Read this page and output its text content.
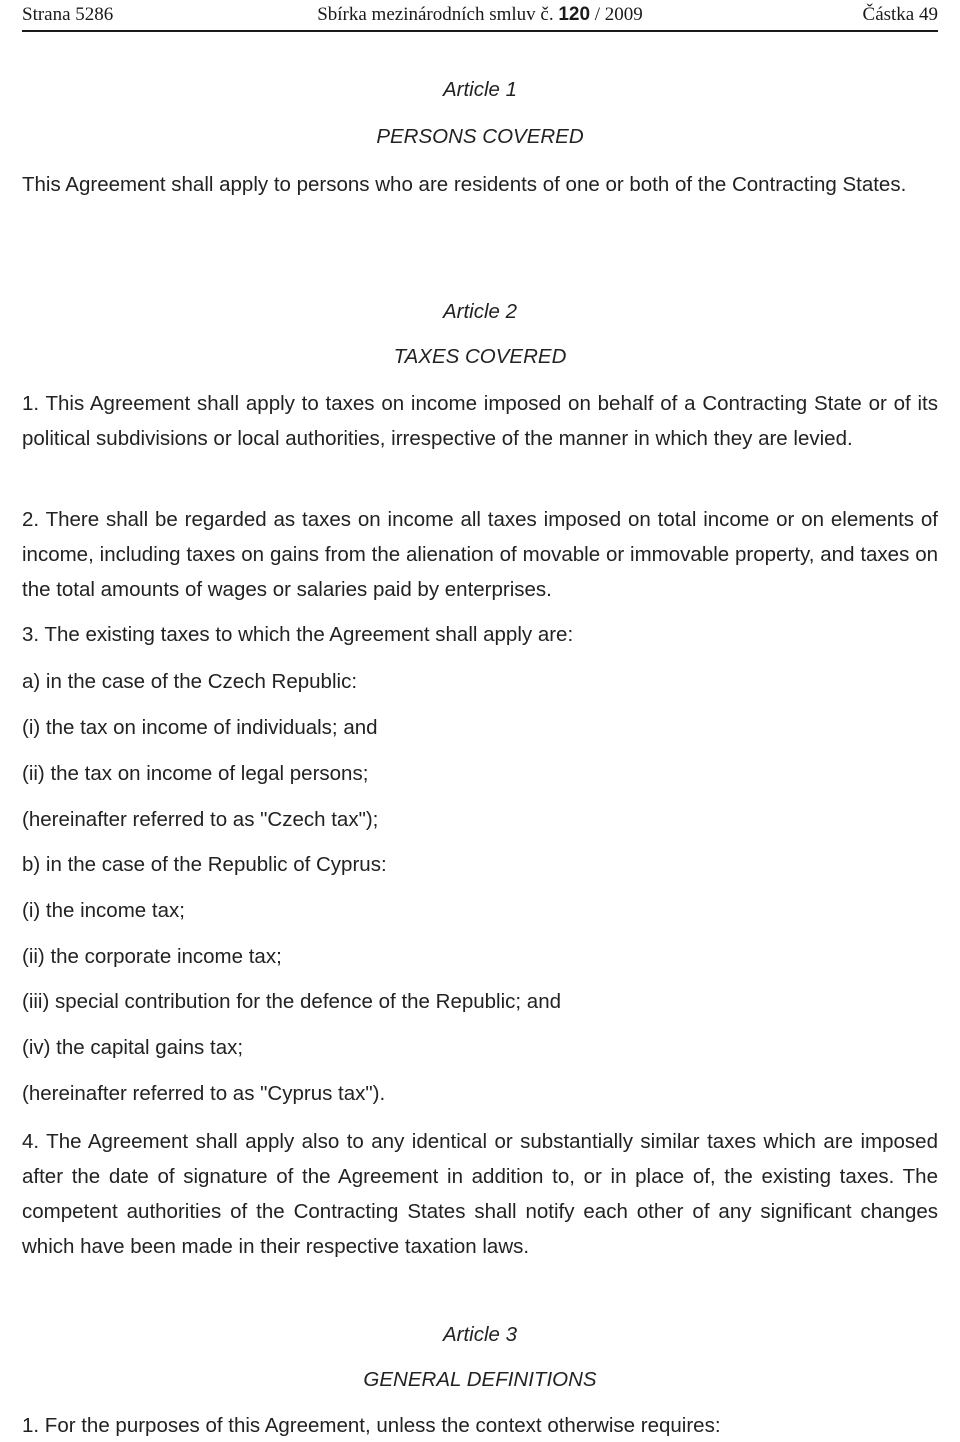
Strana 5286	Sbírka mezinárodních smluv č. 120 / 2009	Částka 49
Article 1
PERSONS COVERED
This Agreement shall apply to persons who are residents of one or both of the Contracting States.
Article 2
TAXES COVERED
1. This Agreement shall apply to taxes on income imposed on behalf of a Contracting State or of its political subdivisions or local authorities, irrespective of the manner in which they are levied.
2. There shall be regarded as taxes on income all taxes imposed on total income or on elements of income, including taxes on gains from the alienation of movable or immovable property, and taxes on the total amounts of wages or salaries paid by enterprises.
3. The existing taxes to which the Agreement shall apply are:
a) in the case of the Czech Republic:
(i) the tax on income of individuals; and
(ii) the tax on income of legal persons;
(hereinafter referred to as "Czech tax");
b) in the case of the Republic of Cyprus:
(i) the income tax;
(ii) the corporate income tax;
(iii) special contribution for the defence of the Republic; and
(iv) the capital gains tax;
(hereinafter referred to as "Cyprus tax").
4. The Agreement shall apply also to any identical or substantially similar taxes which are imposed after the date of signature of the Agreement in addition to, or in place of, the existing taxes. The competent authorities of the Contracting States shall notify each other of any significant changes which have been made in their respective taxation laws.
Article 3
GENERAL DEFINITIONS
1. For the purposes of this Agreement, unless the context otherwise requires:
